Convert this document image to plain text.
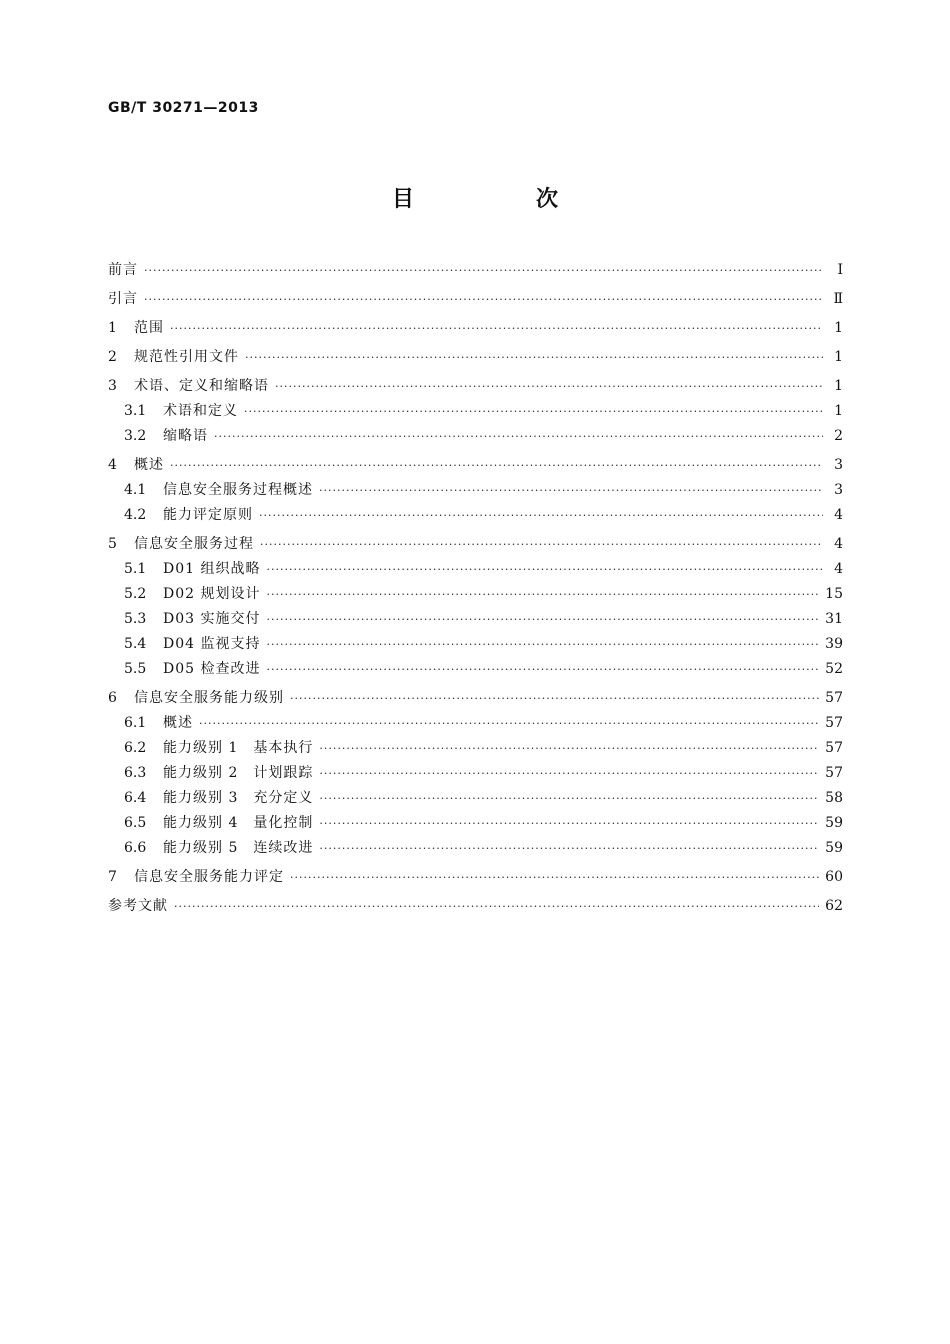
GB/T 30271—2013
目　次
前言 ·····	Ⅰ
引言 ·····	Ⅱ
1	范围 ·····	1
2	规范性引用文件 ·····	1
3	术语、定义和缩略语 ·····	1
3.1	术语和定义 ·····	1
3.2	缩略语 ·····	2
4	概述 ·····	3
4.1	信息安全服务过程概述 ·····	3
4.2	能力评定原则 ·····	4
5	信息安全服务过程 ·····	4
5.1	D01 组织战略 ·····	4
5.2	D02 规划设计 ·····	15
5.3	D03 实施交付 ·····	31
5.4	D04 监视支持 ·····	39
5.5	D05 检查改进 ·····	52
6	信息安全服务能力级别 ·····	57
6.1	概述 ·····	57
6.2	能力级别 1　基本执行 ·····	57
6.3	能力级别 2　计划跟踪 ·····	57
6.4	能力级别 3　充分定义 ·····	58
6.5	能力级别 4　量化控制 ·····	59
6.6	能力级别 5　连续改进 ·····	59
7	信息安全服务能力评定 ·····	60
参考文献 ·····	62
